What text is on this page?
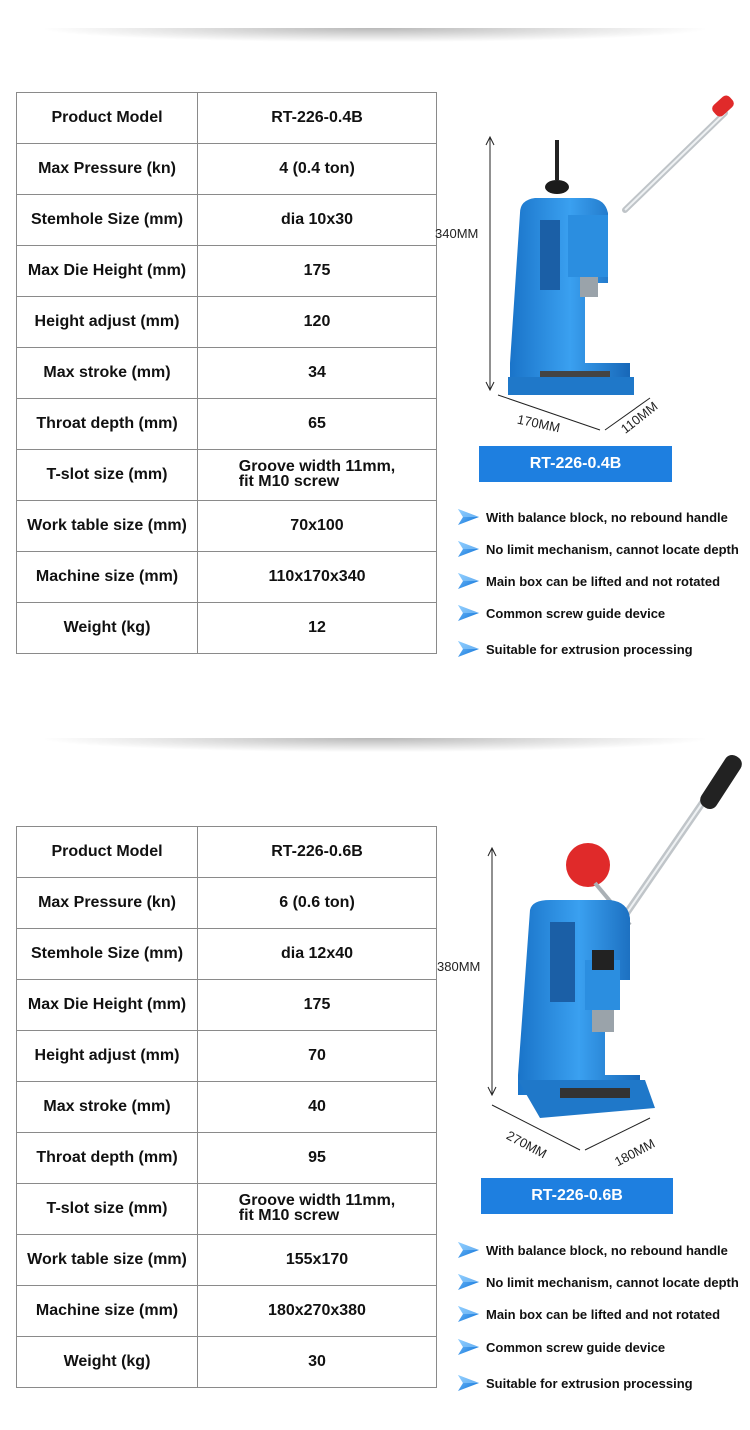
Product Model	RT-226-0.4B
Max Pressure (kn)	4 (0.4 ton)
Stemhole Size (mm)	dia 10x30
Max Die Height (mm)	175
Height adjust (mm)	120
Max stroke (mm)	34
Throat depth (mm)	65
T-slot size (mm)	Groove width 11mm,
fit M10 screw
Work table size (mm)	70x100
Machine size (mm)	110x170x340
Weight (kg)	12
340MM
170MM	110MM
RT-226-0.4B
With balance block, no rebound handle
No limit mechanism, cannot locate depth
Main box can be lifted and not rotated
Common screw guide device
Suitable for extrusion processing
Product Model	RT-226-0.6B
Max Pressure (kn)	6 (0.6 ton)
Stemhole Size (mm)	dia 12x40
Max Die Height (mm)	175
Height adjust (mm)	70
Max stroke (mm)	40
Throat depth (mm)	95
T-slot size (mm)	Groove width 11mm,
fit M10 screw
Work table size (mm)	155x170
Machine size (mm)	180x270x380
Weight (kg)	30
380MM
270MM	180MM
RT-226-0.6B
With balance block, no rebound handle
No limit mechanism, cannot locate depth
Main box can be lifted and not rotated
Common screw guide device
Suitable for extrusion processing
